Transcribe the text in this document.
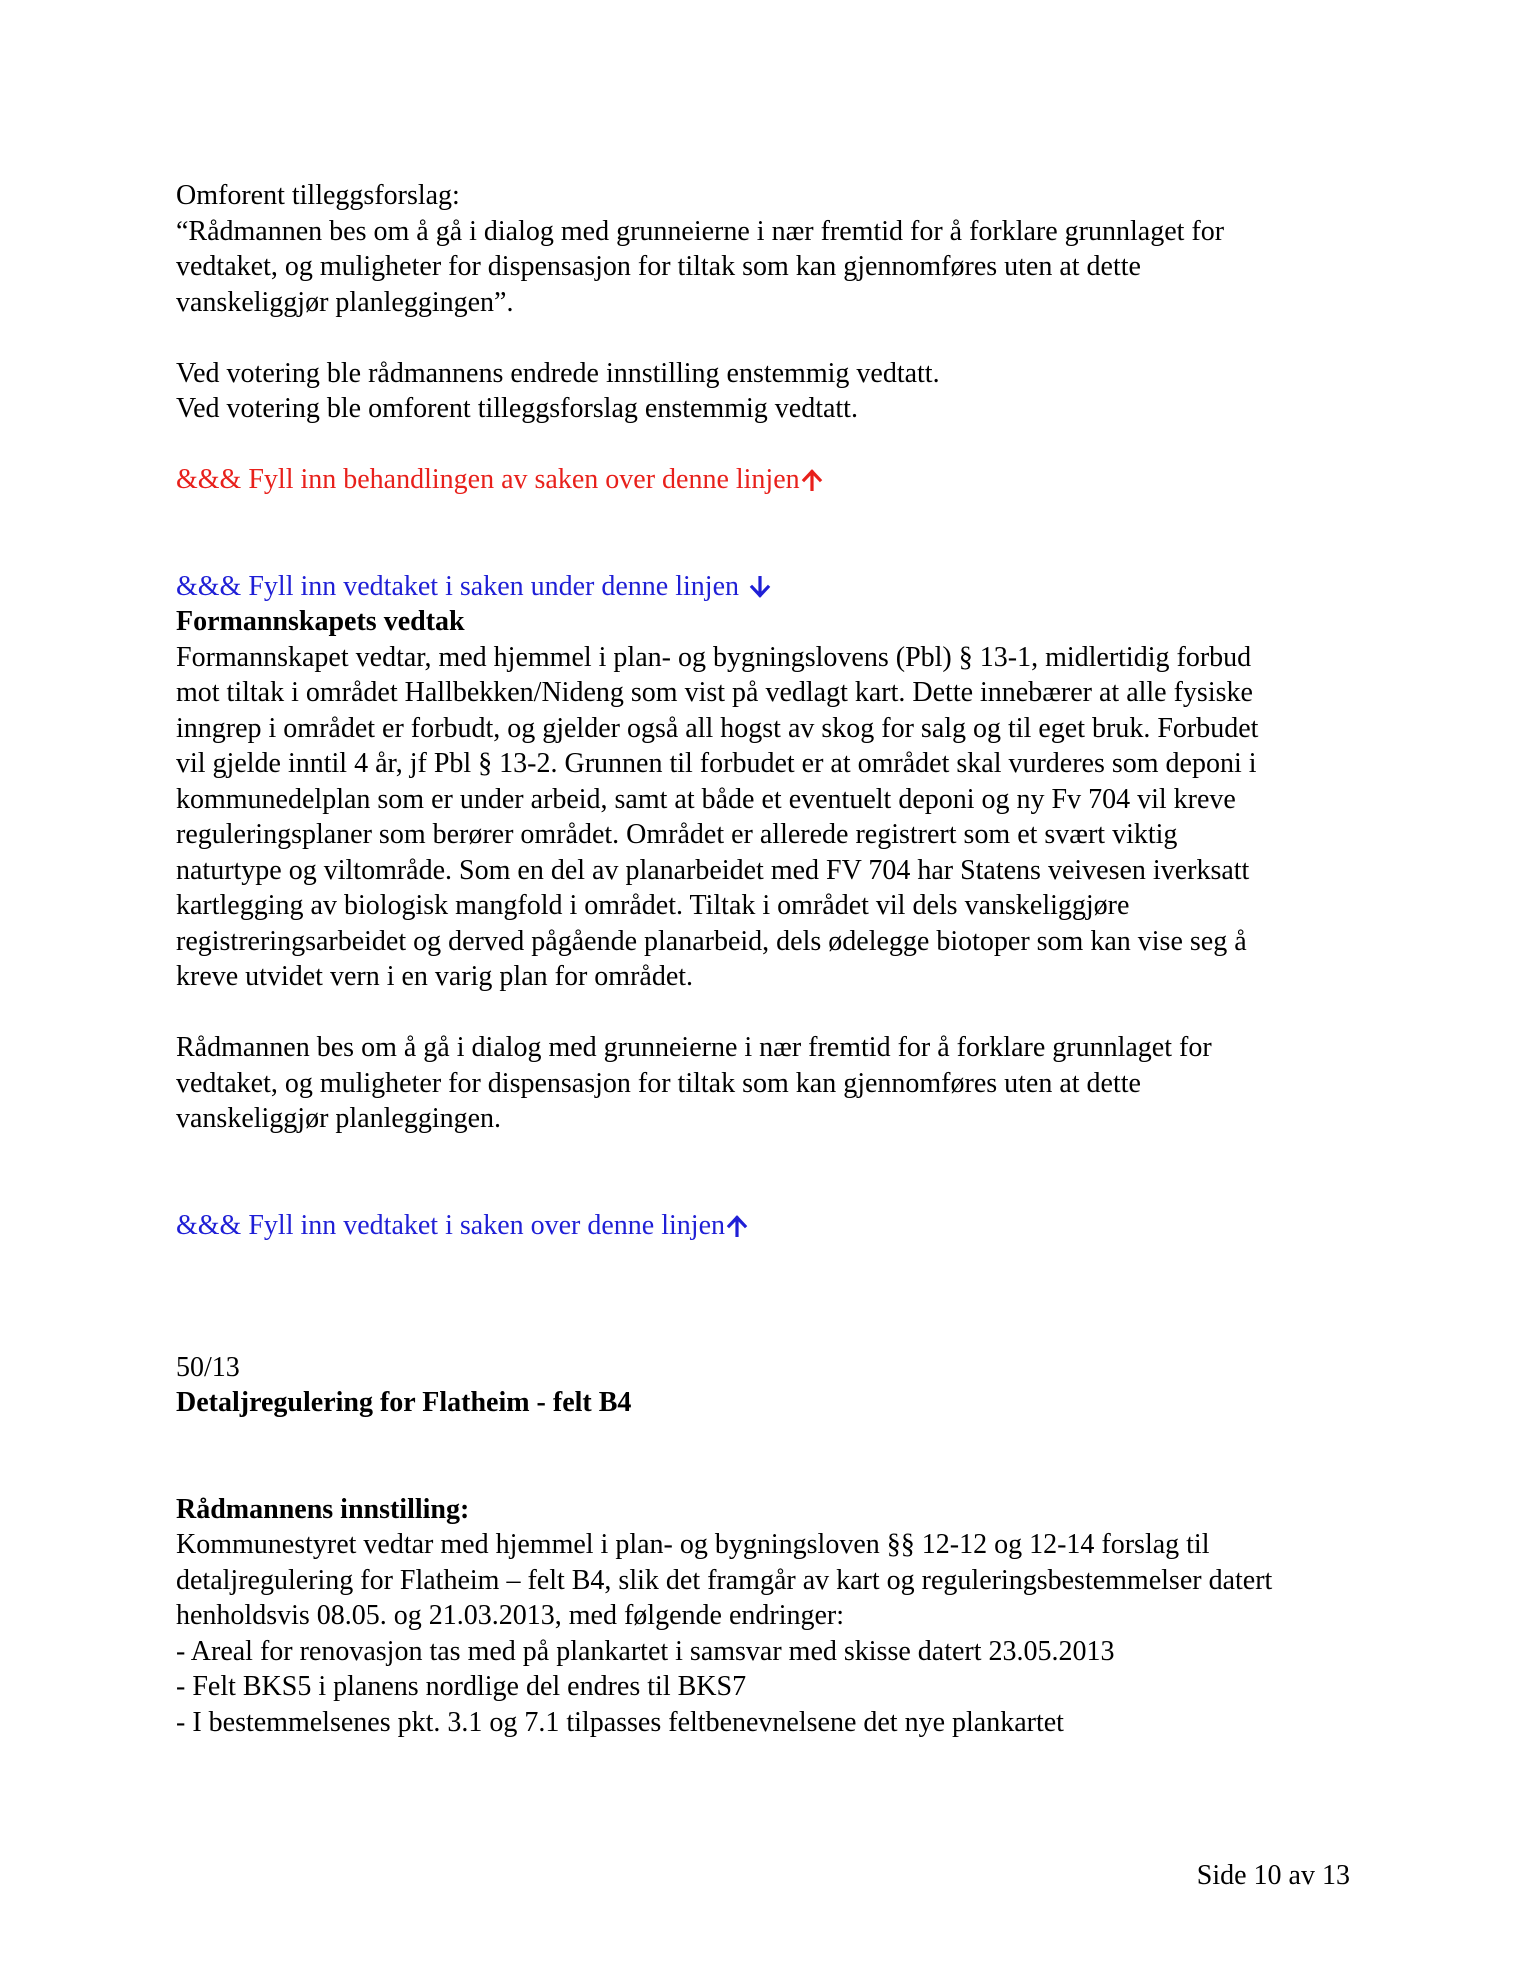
Omforent tilleggsforslag:
“Rådmannen bes om å gå i dialog med grunneierne i nær fremtid for å forklare grunnlaget for
vedtaket, og muligheter for dispensasjon for tiltak som kan gjennomføres uten at dette
vanskeliggjør planleggingen”.
Ved votering ble rådmannens endrede innstilling enstemmig vedtatt.
Ved votering ble omforent tilleggsforslag enstemmig vedtatt.
&&& Fyll inn behandlingen av saken over denne linjen
&&& Fyll inn vedtaket i saken under denne linjen
Formannskapets vedtak
Formannskapet vedtar, med hjemmel i plan- og bygningslovens (Pbl) § 13-1, midlertidig forbud
mot tiltak i området Hallbekken/Nideng som vist på vedlagt kart. Dette innebærer at alle fysiske
inngrep i området er forbudt, og gjelder også all hogst av skog for salg og til eget bruk. Forbudet
vil gjelde inntil 4 år, jf Pbl § 13-2. Grunnen til forbudet er at området skal vurderes som deponi i
kommunedelplan som er under arbeid, samt at både et eventuelt deponi og ny Fv 704 vil kreve
reguleringsplaner som berører området. Området er allerede registrert som et svært viktig
naturtype og viltområde. Som en del av planarbeidet med FV 704 har Statens veivesen iverksatt
kartlegging av biologisk mangfold i området. Tiltak i området vil dels vanskeliggjøre
registreringsarbeidet og derved pågående planarbeid, dels ødelegge biotoper som kan vise seg å
kreve utvidet vern i en varig plan for området.
Rådmannen bes om å gå i dialog med grunneierne i nær fremtid for å forklare grunnlaget for
vedtaket, og muligheter for dispensasjon for tiltak som kan gjennomføres uten at dette
vanskeliggjør planleggingen.
&&& Fyll inn vedtaket i saken over denne linjen
50/13
Detaljregulering for Flatheim - felt B4
Rådmannens innstilling:
Kommunestyret vedtar med hjemmel i plan- og bygningsloven §§ 12-12 og 12-14 forslag til
detaljregulering for Flatheim – felt B4, slik det framgår av kart og reguleringsbestemmelser datert
henholdsvis 08.05. og 21.03.2013, med følgende endringer:
- Areal for renovasjon tas med på plankartet i samsvar med skisse datert 23.05.2013
- Felt BKS5 i planens nordlige del endres til BKS7
- I bestemmelsenes pkt. 3.1 og 7.1 tilpasses feltbenevnelsene det nye plankartet
Side 10 av 13
